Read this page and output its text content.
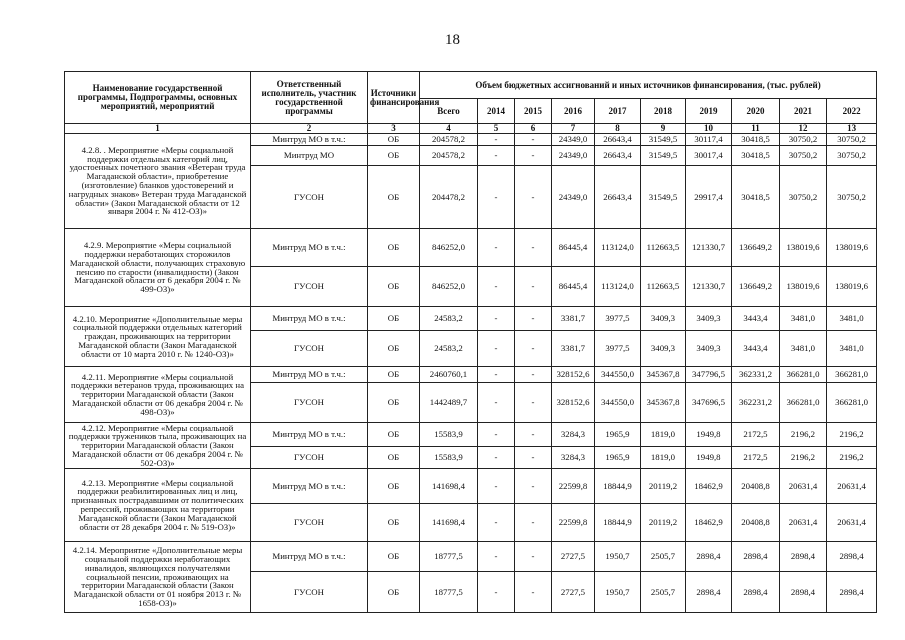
18
Наименование государственной программы, Подпрограммы, основных мероприятий, мероприятий	Ответственный исполнитель, участник государственной программы	Источники финансирования	Объем бюджетных ассигнований и иных источников финансирования, (тыс. рублей)									
			Всего	2014	2015	2016	2017	2018	2019	2020	2021	2022
1	2	3	4	5	6	7	8	9	10	11	12	13
4.2.8. . Мероприятие «Меры социальной поддержки отдельных категорий лиц, удостоенных почетного звания «Ветеран труда Магаданской области», приобретение (изготовление) бланков удостоверений и нагрудных знаков» Ветеран труда Магаданской области» (Закон Магаданской области от 12 января 2004 г. № 412-ОЗ)»	Минтруд МО в т.ч.:	ОБ	204578,2	-	-	24349,0	26643,4	31549,5	30117,4	30418,5	30750,2	30750,2
	Минтруд МО	ОБ	204578,2	-	-	24349,0	26643,4	31549,5	30017,4	30418,5	30750,2	30750,2
	ГУСОН	ОБ	204478,2	-	-	24349,0	26643,4	31549,5	29917,4	30418,5	30750,2	30750,2
4.2.9. Мероприятие «Меры социальной поддержки неработающих сторожилов Магаданской области, получающих страховую пенсию по старости (инвалидности) (Закон Магаданской области от 6 декабря 2004 г. № 499-ОЗ)»	Минтруд МО в т.ч.:	ОБ	846252,0	-	-	86445,4	113124,0	112663,5	121330,7	136649,2	138019,6	138019,6
	ГУСОН	ОБ	846252,0	-	-	86445,4	113124,0	112663,5	121330,7	136649,2	138019,6	138019,6
4.2.10. Мероприятие «Дополнительные меры социальной поддержки отдельных категорий граждан, проживающих на территории Магаданской области (Закон Магаданской области от 10 марта 2010 г. № 1240-ОЗ)»	Минтруд МО в т.ч.:	ОБ	24583,2	-	-	3381,7	3977,5	3409,3	3409,3	3443,4	3481,0	3481,0
	ГУСОН	ОБ	24583,2	-	-	3381,7	3977,5	3409,3	3409,3	3443,4	3481,0	3481,0
4.2.11. Мероприятие «Меры социальной поддержки ветеранов труда, проживающих на территории Магаданской области (Закон Магаданской области от 06 декабря 2004 г. № 498-ОЗ)»	Минтруд МО в т.ч.:	ОБ	2460760,1	-	-	328152,6	344550,0	345367,8	347796,5	362331,2	366281,0	366281,0
	ГУСОН	ОБ	1442489,7	-	-	328152,6	344550,0	345367,8	347696,5	362231,2	366281,0	366281,0
4.2.12. Мероприятие «Меры социальной поддержки тружеников тыла, проживающих на территории Магаданской области (Закон Магаданской области от 06 декабря 2004 г. № 502-ОЗ)»	Минтруд МО в т.ч.:	ОБ	15583,9	-	-	3284,3	1965,9	1819,0	1949,8	2172,5	2196,2	2196,2
	ГУСОН	ОБ	15583,9	-	-	3284,3	1965,9	1819,0	1949,8	2172,5	2196,2	2196,2
4.2.13. Мероприятие «Меры социальной поддержки реабилитированных лиц и лиц, признанных пострадавшими от политических репрессий, проживающих на территории Магаданской области (Закон Магаданской области от 28 декабря 2004 г. № 519-ОЗ)»	Минтруд МО в т.ч.:	ОБ	141698,4	-	-	22599,8	18844,9	20119,2	18462,9	20408,8	20631,4	20631,4
	ГУСОН	ОБ	141698,4	-	-	22599,8	18844,9	20119,2	18462,9	20408,8	20631,4	20631,4
4.2.14. Мероприятие «Дополнительные меры социальной поддержки неработающих инвалидов, являющихся получателями социальной пенсии, проживающих на территории Магаданской области (Закон Магаданской области от 01 ноября 2013 г. № 1658-ОЗ)»	Минтруд МО в т.ч.:	ОБ	18777,5	-	-	2727,5	1950,7	2505,7	2898,4	2898,4	2898,4	2898,4
	ГУСОН	ОБ	18777,5	-	-	2727,5	1950,7	2505,7	2898,4	2898,4	2898,4	2898,4
